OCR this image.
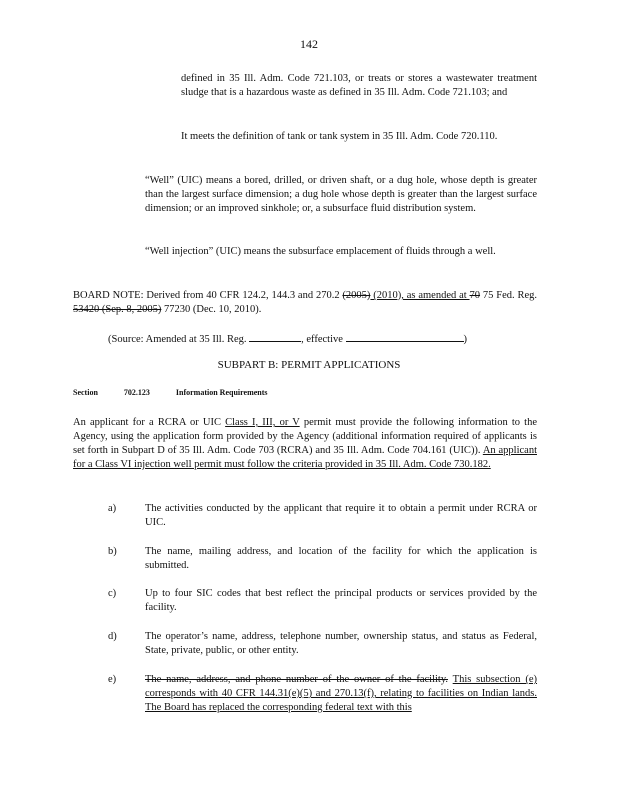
142

defined in 35 Ill. Adm. Code 721.103, or treats or stores a wastewater treatment sludge that is a hazardous waste as defined in 35 Ill. Adm. Code 721.103; and

It meets the definition of tank or tank system in 35 Ill. Adm. Code 720.110.

“Well” (UIC) means a bored, drilled, or driven shaft, or a dug hole, whose depth is greater than the largest surface dimension; a dug hole whose depth is greater than the largest surface dimension; or an improved sinkhole; or, a subsurface fluid distribution system.

“Well injection” (UIC) means the subsurface emplacement of fluids through a well.

BOARD NOTE: Derived from 40 CFR 124.2, 144.3 and 270.2 (2005) (2010), as amended at 70 75 Fed. Reg. 53420 (Sep. 8, 2005) 77230 (Dec. 10, 2010).

(Source: Amended at 35 Ill. Reg.	, effective	)
SUBPART B: PERMIT APPLICATIONS
Section	702.123	Information Requirements

An applicant for a RCRA or UIC Class I, III, or V permit must provide the following information to the Agency, using the application form provided by the Agency (additional information required of applicants is set forth in Subpart D of 35 Ill. Adm. Code 703 (RCRA) and 35 Ill. Adm. Code 704.161 (UIC)). An applicant for a Class VI injection well permit must follow the criteria provided in 35 Ill. Adm. Code 730.182.

a)	The activities conducted by the applicant that require it to obtain a permit under RCRA or UIC.

b)	The name, mailing address, and location of the facility for which the application is submitted.

c)	Up to four SIC codes that best reflect the principal products or services provided by the facility.

d)	The operator’s name, address, telephone number, ownership status, and status as Federal, State, private, public, or other entity.

e)	The name, address, and phone number of the owner of the facility. This subsection (e) corresponds with 40 CFR 144.31(e)(5) and 270.13(f), relating to facilities on Indian lands. The Board has replaced the corresponding federal text with this
